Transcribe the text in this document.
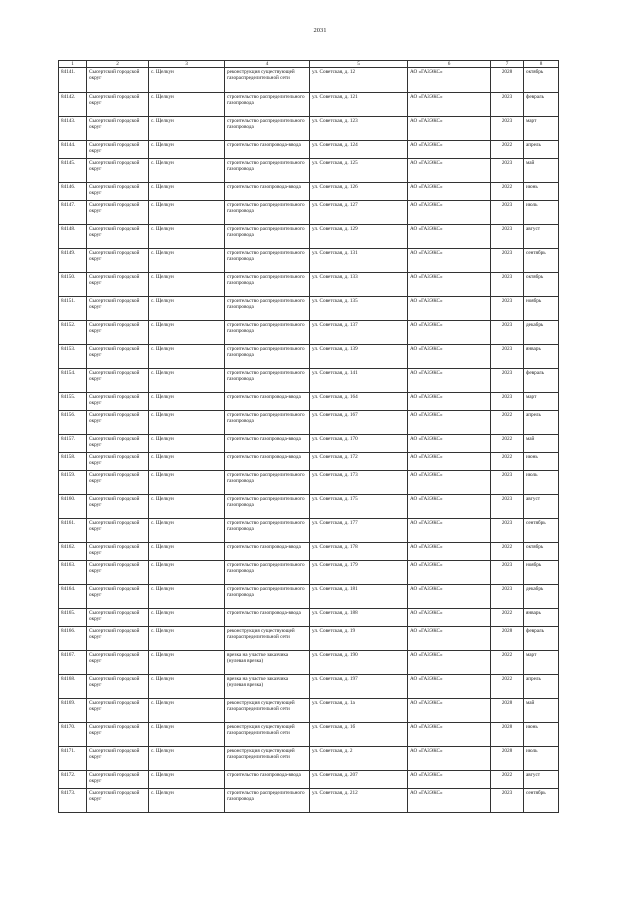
2031
1	2	3	4	5	6	7	8
84141.	Сысертский городской округ	с. Щелкун	реконструкция существующей газораспределительной сети	ул. Советская, д. 12	АО «ГАЗЭКС»	2028	октябрь
84142.	Сысертский городской округ	с. Щелкун	строительство распределительного газопровода	ул. Советская, д. 121	АО «ГАЗЭКС»	2023	февраль
84143.	Сысертский городской округ	с. Щелкун	строительство распределительного газопровода	ул. Советская, д. 123	АО «ГАЗЭКС»	2023	март
84144.	Сысертский городской округ	с. Щелкун	строительство газопровода-ввода	ул. Советская, д. 124	АО «ГАЗЭКС»	2022	апрель
84145.	Сысертский городской округ	с. Щелкун	строительство распределительного газопровода	ул. Советская, д. 125	АО «ГАЗЭКС»	2023	май
84146.	Сысертский городской округ	с. Щелкун	строительство газопровода-ввода	ул. Советская, д. 126	АО «ГАЗЭКС»	2022	июнь
84147.	Сысертский городской округ	с. Щелкун	строительство распределительного газопровода	ул. Советская, д. 127	АО «ГАЗЭКС»	2023	июль
84148.	Сысертский городской округ	с. Щелкун	строительство распределительного газопровода	ул. Советская, д. 129	АО «ГАЗЭКС»	2023	август
84149.	Сысертский городской округ	с. Щелкун	строительство распределительного газопровода	ул. Советская, д. 131	АО «ГАЗЭКС»	2023	сентябрь
84150.	Сысертский городской округ	с. Щелкун	строительство распределительного газопровода	ул. Советская, д. 133	АО «ГАЗЭКС»	2023	октябрь
84151.	Сысертский городской округ	с. Щелкун	строительство распределительного газопровода	ул. Советская, д. 135	АО «ГАЗЭКС»	2023	ноябрь
84152.	Сысертский городской округ	с. Щелкун	строительство распределительного газопровода	ул. Советская, д. 137	АО «ГАЗЭКС»	2023	декабрь
84153.	Сысертский городской округ	с. Щелкун	строительство распределительного газопровода	ул. Советская, д. 139	АО «ГАЗЭКС»	2023	январь
84154.	Сысертский городской округ	с. Щелкун	строительство распределительного газопровода	ул. Советская, д. 141	АО «ГАЗЭКС»	2023	февраль
84155.	Сысертский городской округ	с. Щелкун	строительство газопровода-ввода	ул. Советская, д. 164	АО «ГАЗЭКС»	2023	март
84156.	Сысертский городской округ	с. Щелкун	строительство распределительного газопровода	ул. Советская, д. 167	АО «ГАЗЭКС»	2022	апрель
84157.	Сысертский городской округ	с. Щелкун	строительство газопровода-ввода	ул. Советская, д. 170	АО «ГАЗЭКС»	2022	май
84158.	Сысертский городской округ	с. Щелкун	строительство газопровода-ввода	ул. Советская, д. 172	АО «ГАЗЭКС»	2022	июнь
84159.	Сысертский городской округ	с. Щелкун	строительство распределительного газопровода	ул. Советская, д. 173	АО «ГАЗЭКС»	2023	июль
84160.	Сысертский городской округ	с. Щелкун	строительство распределительного газопровода	ул. Советская, д. 175	АО «ГАЗЭКС»	2023	август
84161.	Сысертский городской округ	с. Щелкун	строительство распределительного газопровода	ул. Советская, д. 177	АО «ГАЗЭКС»	2023	сентябрь
84162.	Сысертский городской округ	с. Щелкун	строительство газопровода-ввода	ул. Советская, д. 178	АО «ГАЗЭКС»	2022	октябрь
84163.	Сысертский городской округ	с. Щелкун	строительство распределительного газопровода	ул. Советская, д. 179	АО «ГАЗЭКС»	2023	ноябрь
84164.	Сысертский городской округ	с. Щелкун	строительство распределительного газопровода	ул. Советская, д. 181	АО «ГАЗЭКС»	2023	декабрь
84165.	Сысертский городской округ	с. Щелкун	строительство газопровода-ввода	ул. Советская, д. 188	АО «ГАЗЭКС»	2022	январь
84166.	Сысертский городской округ	с. Щелкун	реконструкция существующей газораспределительной сети	ул. Советская, д. 19	АО «ГАЗЭКС»	2028	февраль
84167.	Сысертский городской округ	с. Щелкун	врезка на участке заказчика (нулевая врезка)	ул. Советская, д. 190	АО «ГАЗЭКС»	2022	март
84168.	Сысертский городской округ	с. Щелкун	врезка на участке заказчика (нулевая врезка)	ул. Советская, д. 197	АО «ГАЗЭКС»	2022	апрель
84169.	Сысертский городской округ	с. Щелкун	реконструкция существующей газораспределительной сети	ул. Советская, д. 1а	АО «ГАЗЭКС»	2028	май
84170.	Сысертский городской округ	с. Щелкун	реконструкция существующей газораспределительной сети	ул. Советская, д. 1б	АО «ГАЗЭКС»	2028	июнь
84171.	Сысертский городской округ	с. Щелкун	реконструкция существующей газораспределительной сети	ул. Советская, д. 2	АО «ГАЗЭКС»	2028	июль
84172.	Сысертский городской округ	с. Щелкун	строительство газопровода-ввода	ул. Советская, д. 207	АО «ГАЗЭКС»	2022	август
84173.	Сысертский городской округ	с. Щелкун	строительство распределительного газопровода	ул. Советская, д. 212	АО «ГАЗЭКС»	2023	сентябрь
